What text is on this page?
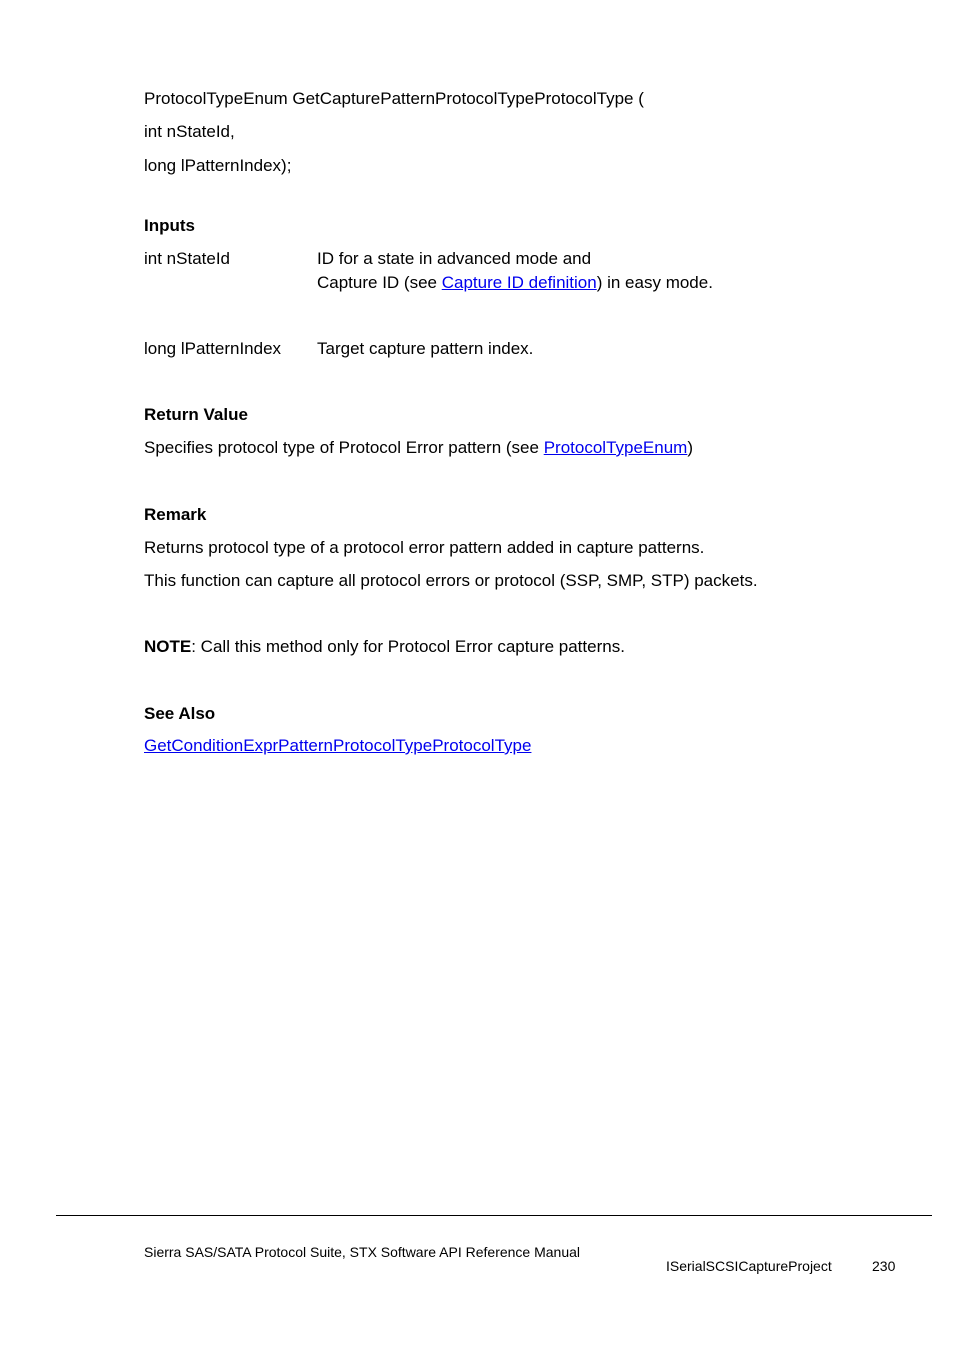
ProtocolTypeEnum GetCapturePatternProtocolTypeProtocolType (
int nStateId,
long lPatternIndex);
Inputs
int nStateId	ID for a state in advanced mode and
Capture ID (see Capture ID definition) in easy mode.
long lPatternIndex Target capture pattern index.
Return Value
Specifies protocol type of Protocol Error pattern (see ProtocolTypeEnum)
Remark
Returns protocol type of a protocol error pattern added in capture patterns.
This function can capture all protocol errors or protocol (SSP, SMP, STP) packets.
NOTE: Call this method only for Protocol Error capture patterns.
See Also
GetConditionExprPatternProtocolTypeProtocolType
Sierra SAS/SATA Protocol Suite, STX Software API Reference Manual
ISerialSCSICaptureProject	230
